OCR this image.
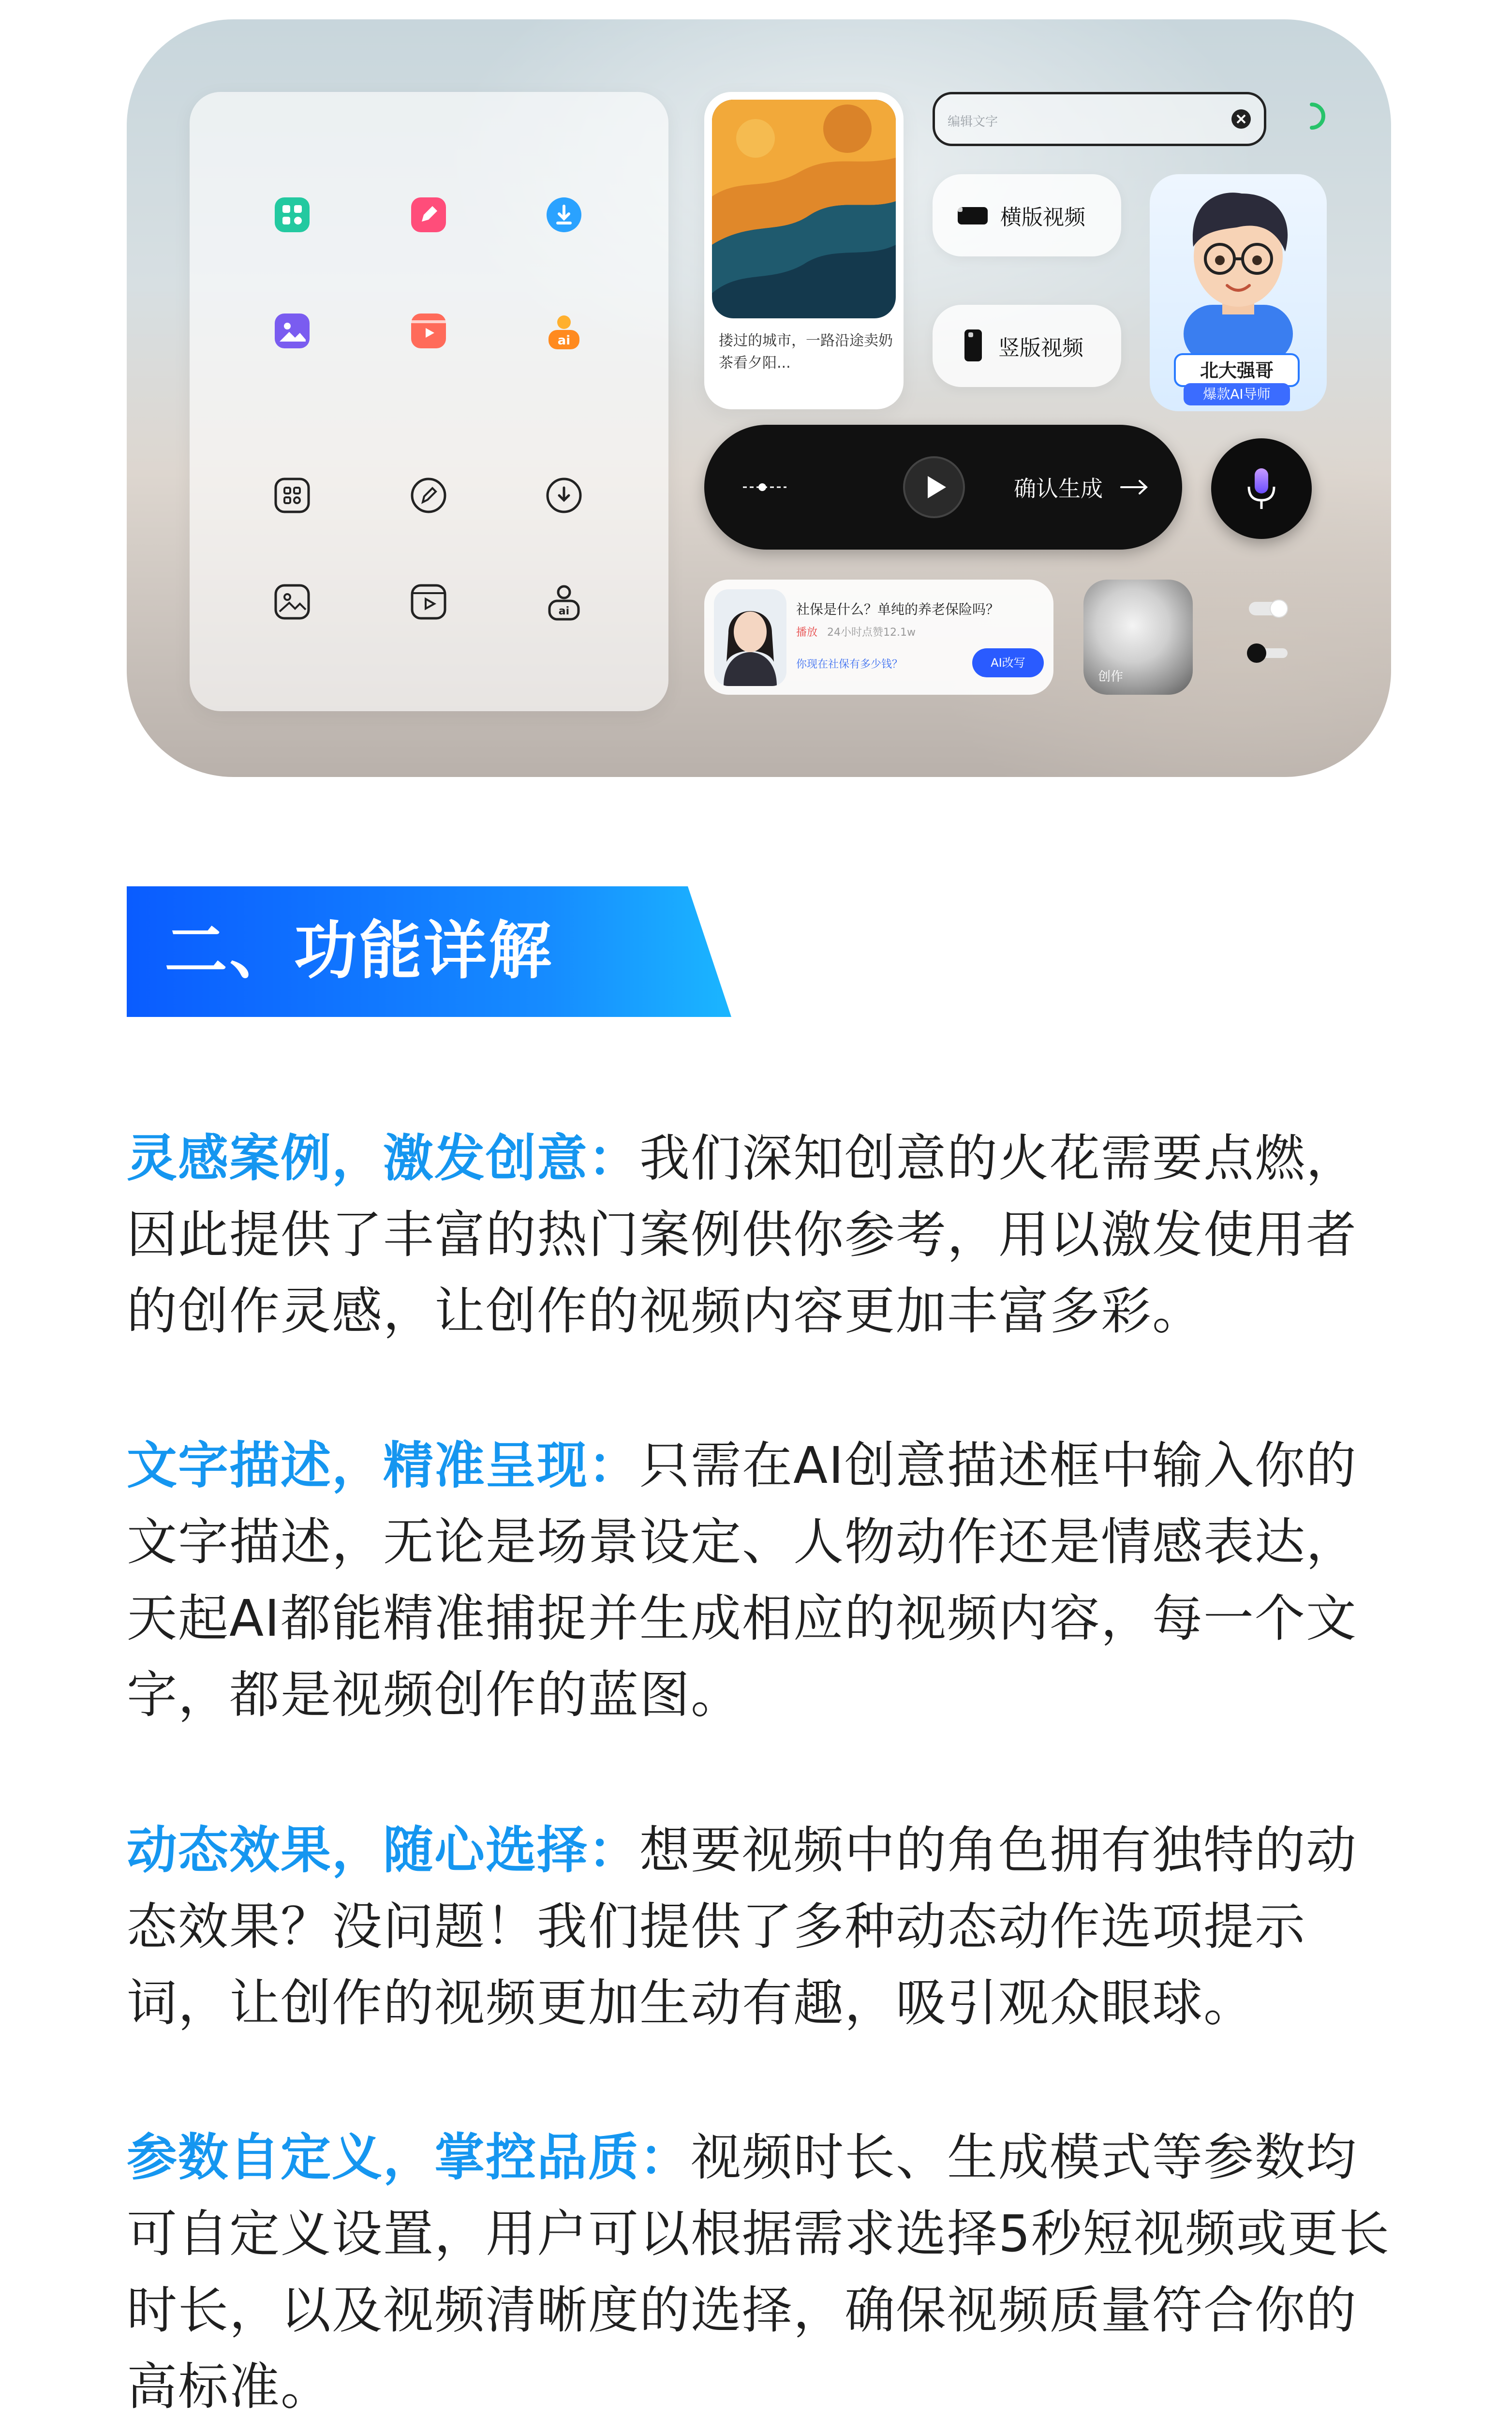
ai
ai
搂过的城市，一路沿途卖奶茶看夕阳...
编辑文字
横版视频
竖版视频
北大强哥
爆款AI导师
确认生成
社保是什么？单纯的养老保险吗？
播放 24小时点赞12.1w
你现在社保有多少钱？	AI改写
创作
二、功能详解

灵感案例，激发创意：我们深知创意的火花需要点燃，因此提供了丰富的热门案例供你参考，用以激发使用者的创作灵感，让创作的视频内容更加丰富多彩。

文字描述，精准呈现：只需在AI创意描述框中输入你的文字描述，无论是场景设定、人物动作还是情感表达，天起AI都能精准捕捉并生成相应的视频内容，每一个文字，都是视频创作的蓝图。

动态效果，随心选择：想要视频中的角色拥有独特的动态效果？没问题！我们提供了多种动态动作选项提示词，让创作的视频更加生动有趣，吸引观众眼球。

参数自定义，掌控品质：视频时长、生成模式等参数均可自定义设置，用户可以根据需求选择5秒短视频或更长时长，以及视频清晰度的选择，确保视频质量符合你的高标准。
